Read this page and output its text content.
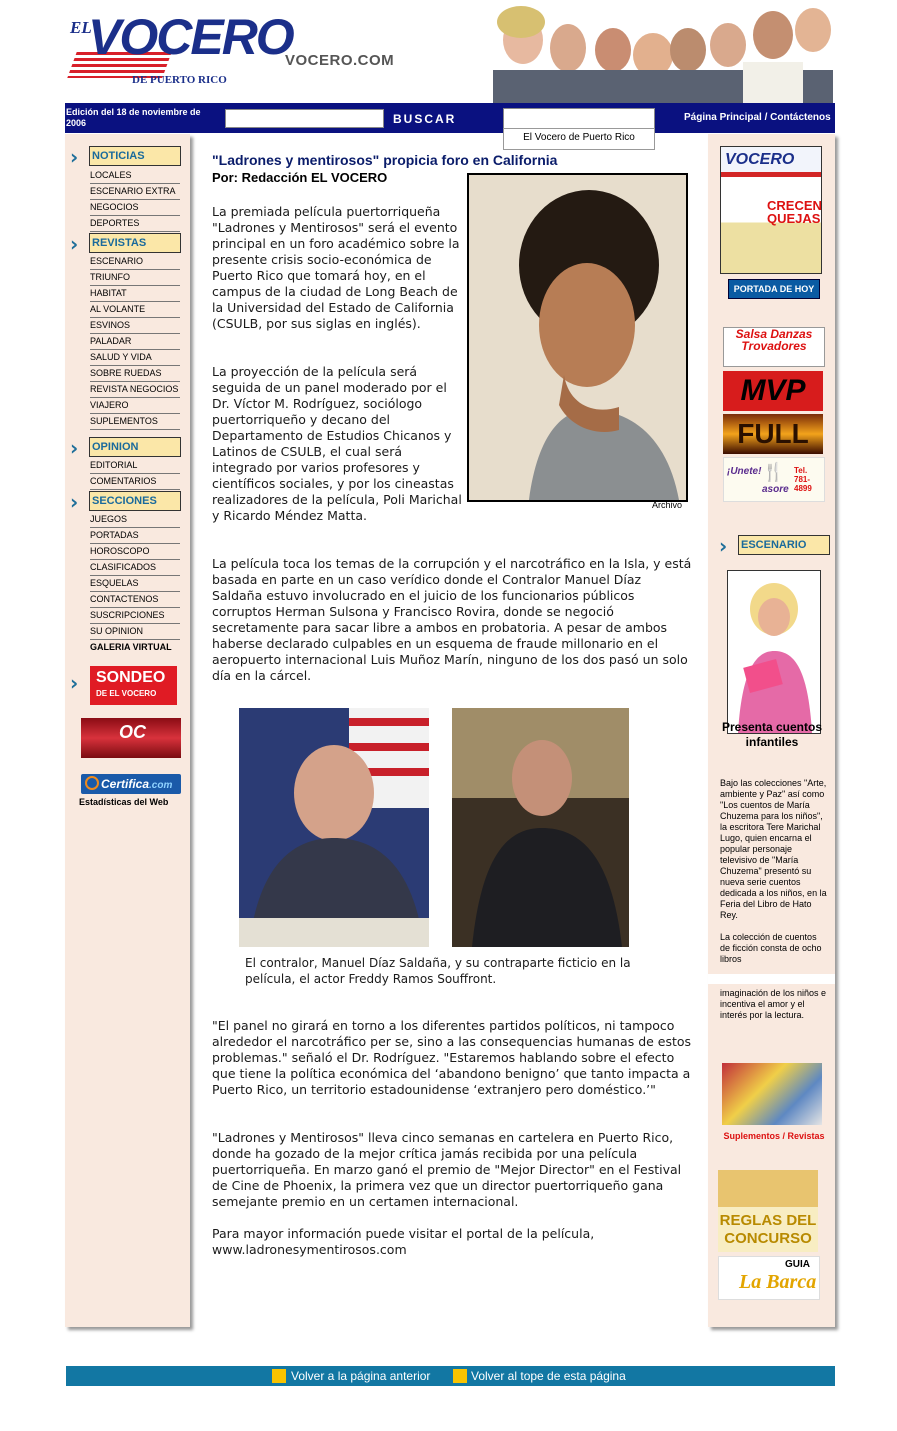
EL
VOCERO
DE PUERTO RICO
VOCERO.COM
Edición del 18 de noviembre de 2006	BUSCAR
El Vocero de Puerto Rico
Página Principal / Contáctenos
› NOTICIAS
LOCALES
ESCENARIO EXTRA
NEGOCIOS
DEPORTES
› REVISTAS
ESCENARIO
TRIUNFO
HABITAT
AL VOLANTE
ESVINOS
PALADAR
SALUD Y VIDA
SOBRE RUEDAS
REVISTA NEGOCIOS
VIAJERO
SUPLEMENTOS
› OPINION
EDITORIAL
COMENTARIOS
› SECCIONES
JUEGOS
PORTADAS
HOROSCOPO
CLASIFICADOS
ESQUELAS
CONTACTENOS
SUSCRIPCIONES
SU OPINION
GALERIA VIRTUAL
› SONDEO
DE EL VOCERO
OC
Certifica.com
Estadísticas del Web
"Ladrones y mentirosos" propicia foro en California
Por: Redacción EL VOCERO
Archivo
La premiada película puertorriqueña "Ladrones y Mentirosos" será el evento principal en un foro académico sobre la presente crisis socio-económica de Puerto Rico que tomará hoy, en el campus de la ciudad de Long Beach de la Universidad del Estado de California (CSULB, por sus siglas en inglés).
La proyección de la película será seguida de un panel moderado por el Dr. Víctor M. Rodríguez, sociólogo puertorriqueño y decano del Departamento de Estudios Chicanos y Latinos de CSULB, el cual será integrado por varios profesores y científicos sociales, y por los cineastas realizadores de la película, Poli Marichal y Ricardo Méndez Matta.
La película toca los temas de la corrupción y el narcotráfico en la Isla, y está basada en parte en un caso verídico donde el Contralor Manuel Díaz Saldaña estuvo involucrado en el juicio de los funcionarios públicos corruptos Herman Sulsona y Francisco Rovira, donde se negoció secretamente para sacar libre a ambos en probatoria. A pesar de ambos haberse declarado culpables en un esquema de fraude millonario en el aeropuerto internacional Luis Muñoz Marín, ninguno de los dos pasó un solo día en la cárcel.
El contralor, Manuel Díaz Saldaña, y su contraparte ficticio en la película, el actor Freddy Ramos Souffront.
"El panel no girará en torno a los diferentes partidos políticos, ni tampoco alrededor el narcotráfico per se, sino a las consequencias humanas de estos problemas." señaló el Dr. Rodríguez. "Estaremos hablando sobre el efecto que tiene la política económica del ‘abandono benigno’ que tanto impacta a Puerto Rico, un territorio estadounidense ‘extranjero pero doméstico.’"
"Ladrones y Mentirosos" lleva cinco semanas en cartelera en Puerto Rico, donde ha gozado de la mejor crítica jamás recibida por una película puertorriqueña. En marzo ganó el premio de "Mejor Director" en el Festival de Cine de Phoenix, la primera vez que un director puertorriqueño gana semejante premio en un certamen internacional.
Para mayor información puede visitar el portal de la película, www.ladronesymentirosos.com
VOCERO
CRECEN QUEJAS
PORTADA DE HOY
Salsa Danzas Trovadores
MVP
FULL
¡Unete! 🍴 Tel. 781-4899
asore
› ESCENARIO
Presenta cuentos infantiles
Bajo las colecciones "Arte, ambiente y Paz" así como "Los cuentos de María Chuzema para los niños", la escritora Tere Marichal Lugo, quien encarna el popular personaje televisivo de "María Chuzema" presentó su nueva serie cuentos dedicada a los niños, en la Feria del Libro de Hato Rey.

La colección de cuentos de ficción consta de ocho libros
imaginación de los niños e incentiva el amor y el interés por la lectura.
Suplementos / Revistas
REGLAS DEL CONCURSO
GUIA
La Barca
Volver a la página anterior	Volver al tope de esta página
